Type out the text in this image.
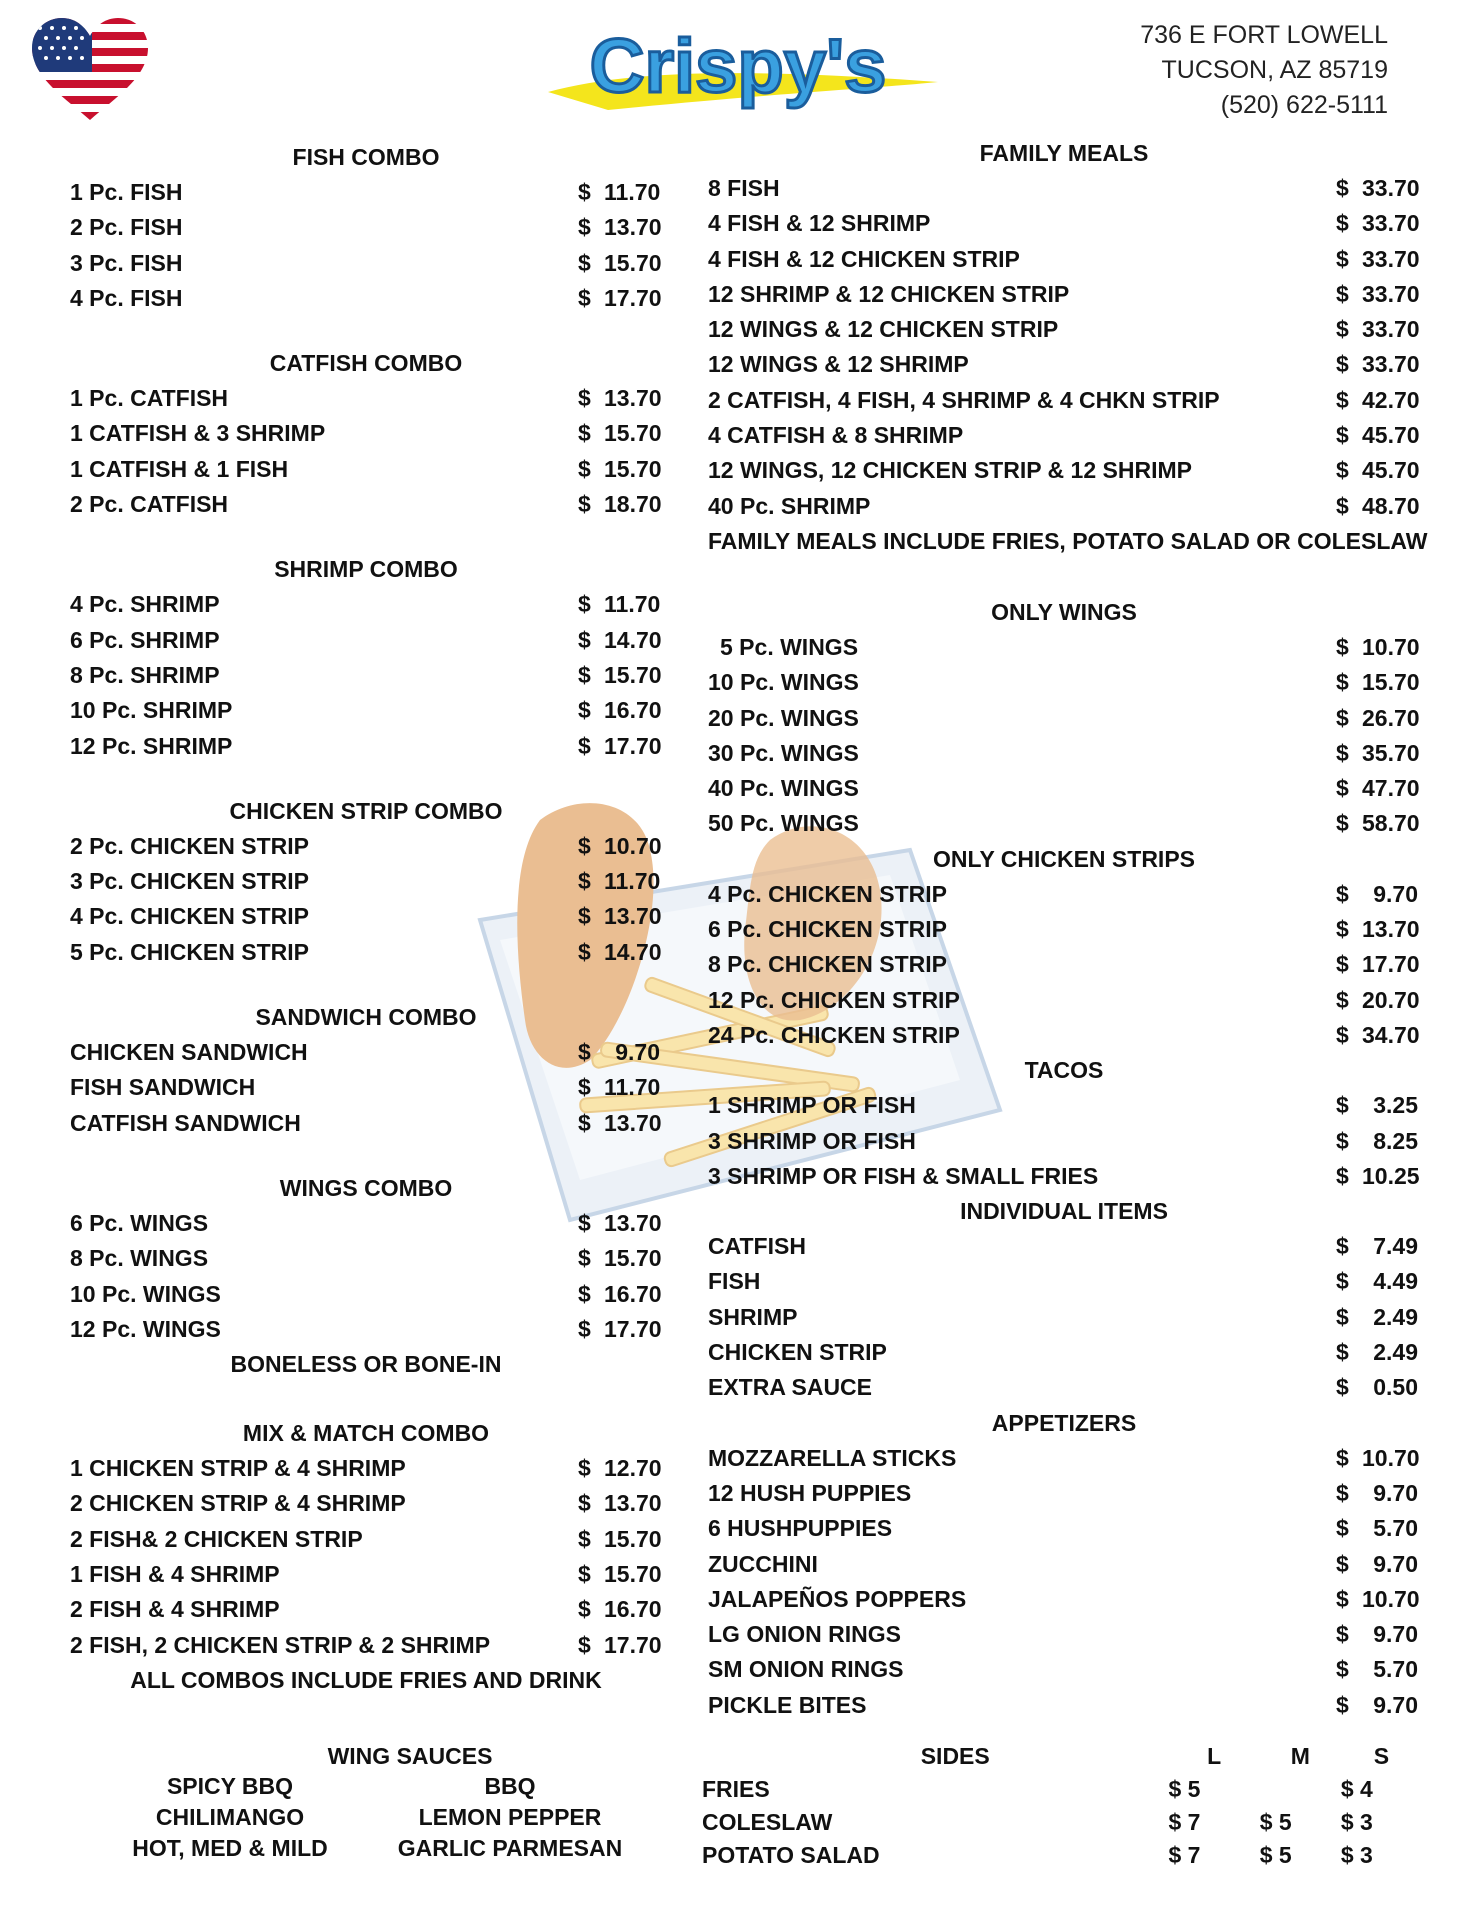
Crispy's	736 E FORT LOWELL
TUCSON, AZ 85719
(520) 622-5111
FISH COMBO
1 Pc. FISH	$ 11.70
2 Pc. FISH	$ 13.70
3 Pc. FISH	$ 15.70
4 Pc. FISH	$ 17.70
CATFISH COMBO
1 Pc. CATFISH	$ 13.70
1 CATFISH & 3 SHRIMP	$ 15.70
1 CATFISH & 1 FISH	$ 15.70
2 Pc. CATFISH	$ 18.70
SHRIMP COMBO
4 Pc. SHRIMP	$ 11.70
6 Pc. SHRIMP	$ 14.70
8 Pc. SHRIMP	$ 15.70
10 Pc. SHRIMP	$ 16.70
12 Pc. SHRIMP	$ 17.70
CHICKEN STRIP COMBO
2 Pc. CHICKEN STRIP	$ 10.70
3 Pc. CHICKEN STRIP	$ 11.70
4 Pc. CHICKEN STRIP	$ 13.70
5 Pc. CHICKEN STRIP	$ 14.70
SANDWICH COMBO
CHICKEN SANDWICH	$ 9.70
FISH SANDWICH	$ 11.70
CATFISH SANDWICH	$ 13.70
WINGS COMBO
6 Pc. WINGS	$ 13.70
8 Pc. WINGS	$ 15.70
10 Pc. WINGS	$ 16.70
12 Pc. WINGS	$ 17.70
BONELESS OR BONE-IN
MIX & MATCH COMBO
1 CHICKEN STRIP & 4 SHRIMP	$ 12.70
2 CHICKEN STRIP & 4 SHRIMP	$ 13.70
2 FISH& 2 CHICKEN STRIP	$ 15.70
1 FISH & 4 SHRIMP	$ 15.70
2 FISH & 4 SHRIMP	$ 16.70
2 FISH, 2 CHICKEN STRIP & 2 SHRIMP	$ 17.70
ALL COMBOS INCLUDE FRIES AND DRINK
FAMILY MEALS
8 FISH	$ 33.70
4 FISH & 12 SHRIMP	$ 33.70
4 FISH & 12 CHICKEN STRIP	$ 33.70
12 SHRIMP & 12 CHICKEN STRIP	$ 33.70
12 WINGS & 12 CHICKEN STRIP	$ 33.70
12 WINGS & 12 SHRIMP	$ 33.70
2 CATFISH, 4 FISH, 4 SHRIMP & 4 CHKN STRIP	$ 42.70
4 CATFISH & 8 SHRIMP	$ 45.70
12 WINGS, 12 CHICKEN STRIP & 12 SHRIMP	$ 45.70
40 Pc. SHRIMP	$ 48.70
FAMILY MEALS INCLUDE FRIES, POTATO SALAD OR COLESLAW
ONLY WINGS
5 Pc. WINGS	$ 10.70
10 Pc. WINGS	$ 15.70
20 Pc. WINGS	$ 26.70
30 Pc. WINGS	$ 35.70
40 Pc. WINGS	$ 47.70
50 Pc. WINGS	$ 58.70
ONLY CHICKEN STRIPS
4 Pc. CHICKEN STRIP	$ 9.70
6 Pc. CHICKEN STRIP	$ 13.70
8 Pc. CHICKEN STRIP	$ 17.70
12 Pc. CHICKEN STRIP	$ 20.70
24 Pc. CHICKEN STRIP	$ 34.70
TACOS
1 SHRIMP OR FISH	$ 3.25
3 SHRIMP OR FISH	$ 8.25
3 SHRIMP OR FISH & SMALL FRIES	$ 10.25
INDIVIDUAL ITEMS
CATFISH	$ 7.49
FISH	$ 4.49
SHRIMP	$ 2.49
CHICKEN STRIP	$ 2.49
EXTRA SAUCE	$ 0.50
APPETIZERS
MOZZARELLA STICKS	$ 10.70
12 HUSH PUPPIES	$ 9.70
6 HUSHPUPPIES	$ 5.70
ZUCCHINI	$ 9.70
JALAPEÑOS POPPERS	$ 10.70
LG ONION RINGS	$ 9.70
SM ONION RINGS	$ 5.70
PICKLE BITES	$ 9.70
WING SAUCES
SPICY BBQ	BBQ
CHILIMANGO	LEMON PEPPER
HOT, MED & MILD	GARLIC PARMESAN
SIDES	L	M	S
FRIES	$ 5		$ 4
COLESLAW	$ 7	$ 5	$ 3
POTATO SALAD	$ 7	$ 5	$ 3
